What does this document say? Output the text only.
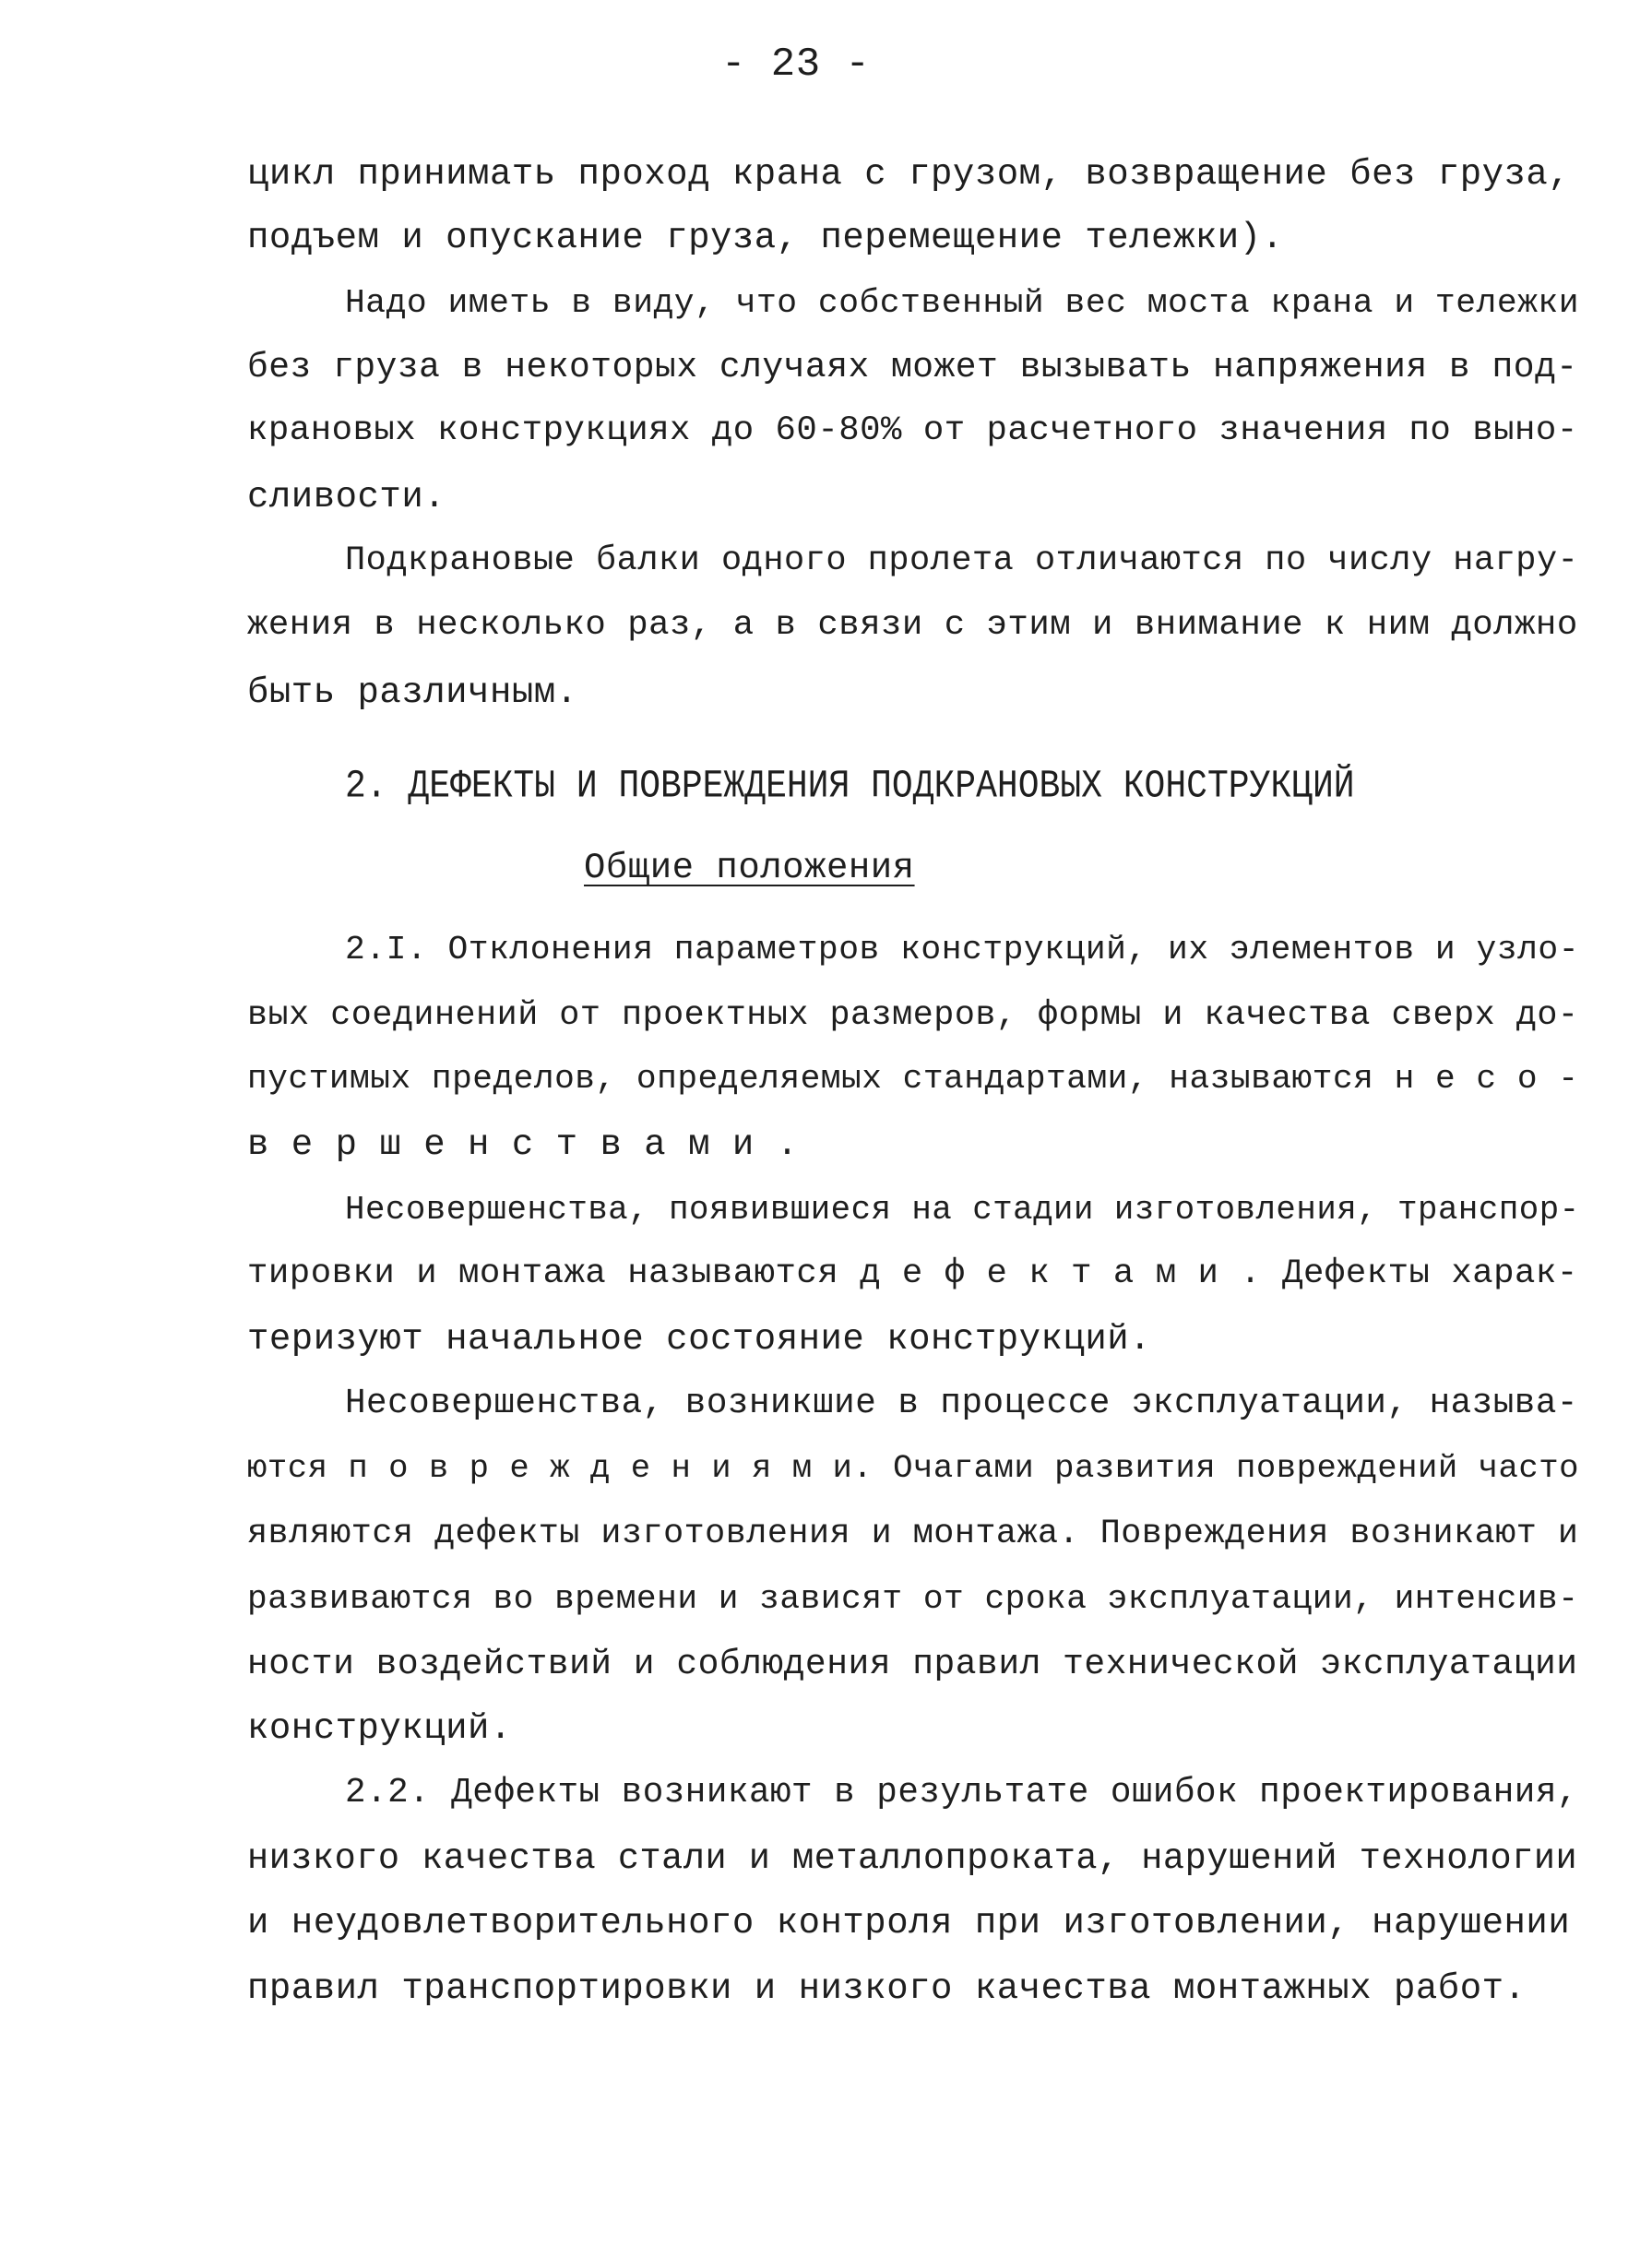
- 23 -
цикл принимать проход крана с грузом, возвращение без груза,
подъем и опускание груза, перемещение тележки).
Надо иметь в виду, что собственный вес моста крана и тележки
без груза в некоторых случаях может вызывать напряжения в под-
крановых конструкциях до 60-80% от расчетного значения по выно-
сливости.
Подкрановые балки одного пролета отличаются по числу нагру-
жения в несколько раз, а в связи с этим и внимание к ним должно
быть различным.
2. ДЕФЕКТЫ И ПОВРЕЖДЕНИЯ ПОДКРАНОВЫХ КОНСТРУКЦИЙ
Общие положения
2.I. Отклонения параметров конструкций, их элементов и узло-
вых соединений от проектных размеров, формы и качества сверх до-
пустимых пределов, определяемых стандартами, называются н е с о -
в е р ш е н с т в а м и .
Несовершенства, появившиеся на стадии изготовления, транспор-
тировки и монтажа называются д е ф е к т а м и . Дефекты харак-
теризуют начальное состояние конструкций.
Несовершенства, возникшие в процессе эксплуатации, называ-
ются п о в р е ж д е н и я м и. Очагами развития повреждений часто
являются дефекты изготовления и монтажа. Повреждения возникают и
развиваются во времени и зависят от срока эксплуатации, интенсив-
ности воздействий и соблюдения правил технической эксплуатации
конструкций.
2.2. Дефекты возникают в результате ошибок проектирования,
низкого качества стали и металлопроката, нарушений технологии
и неудовлетворительного контроля при изготовлении, нарушении
правил транспортировки и низкого качества монтажных работ.
